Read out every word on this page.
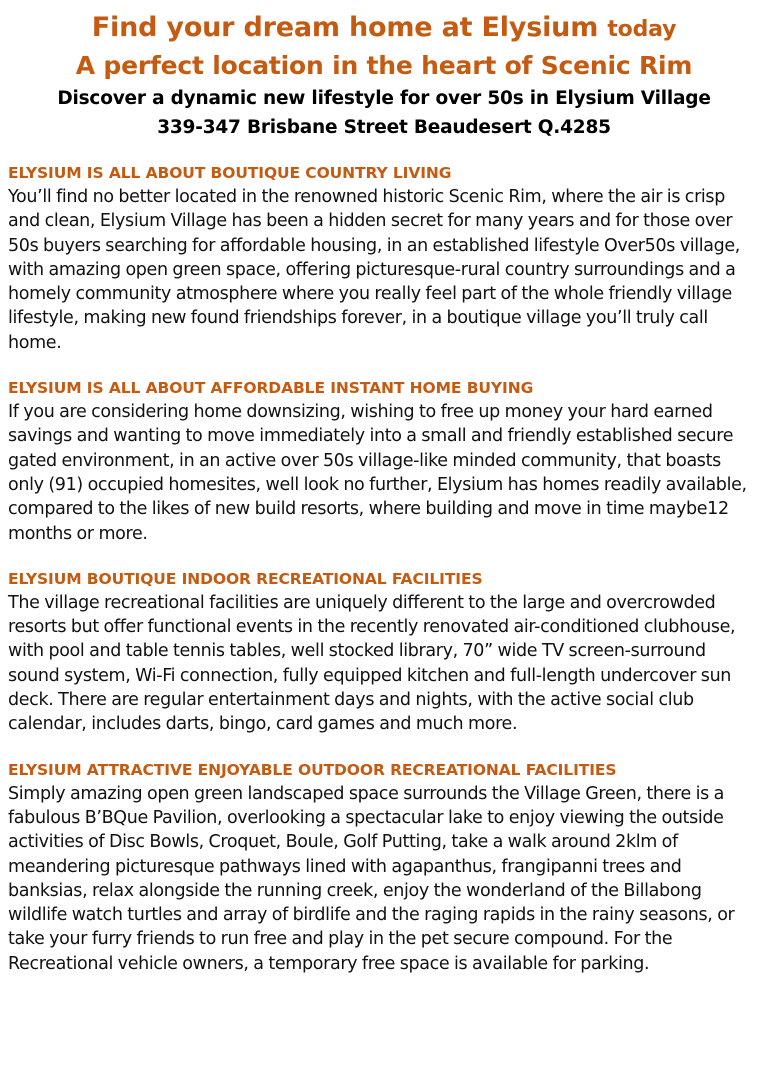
Find your dream home at Elysium today
A perfect location in the heart of Scenic Rim
Discover a dynamic new lifestyle for over 50s in Elysium Village
339-347 Brisbane Street Beaudesert Q.4285
ELYSIUM IS ALL ABOUT BOUTIQUE COUNTRY LIVING
You’ll find no better located in the renowned historic Scenic Rim, where the air is crisp and clean, Elysium Village has been a hidden secret for many years and for those over 50s buyers searching for affordable housing, in an established lifestyle Over50s village, with amazing open green space, offering picturesque-rural country surroundings and a homely community atmosphere where you really feel part of the whole friendly village lifestyle, making new found friendships forever, in a boutique village you’ll truly call home.
ELYSIUM IS ALL ABOUT AFFORDABLE INSTANT HOME BUYING
If you are considering home downsizing, wishing to free up money your hard earned savings and wanting to move immediately into a small and friendly established secure gated environment, in an active over 50s village-like minded community, that boasts only (91) occupied homesites, well look no further, Elysium has homes readily available, compared to the likes of new build resorts, where building and move in time maybe12 months or more.
ELYSIUM BOUTIQUE INDOOR RECREATIONAL FACILITIES
The village recreational facilities are uniquely different to the large and overcrowded resorts but offer functional events in the recently renovated air-conditioned clubhouse, with pool and table tennis tables, well stocked library, 70” wide TV screen-surround sound system, Wi-Fi connection, fully equipped kitchen and full-length undercover sun deck. There are regular entertainment days and nights, with the active social club calendar, includes darts, bingo, card games and much more.
ELYSIUM ATTRACTIVE ENJOYABLE OUTDOOR RECREATIONAL FACILITIES
Simply amazing open green landscaped space surrounds the Village Green, there is a fabulous B’BQue Pavilion, overlooking a spectacular lake to enjoy viewing the outside activities of Disc Bowls, Croquet, Boule, Golf Putting, take a walk around 2klm of meandering picturesque pathways lined with agapanthus, frangipanni trees and banksias, relax alongside the running creek, enjoy the wonderland of the Billabong wildlife watch turtles and array of birdlife and the raging rapids in the rainy seasons, or take your furry friends to run free and play in the pet secure compound. For the Recreational vehicle owners, a temporary free space is available for parking.
